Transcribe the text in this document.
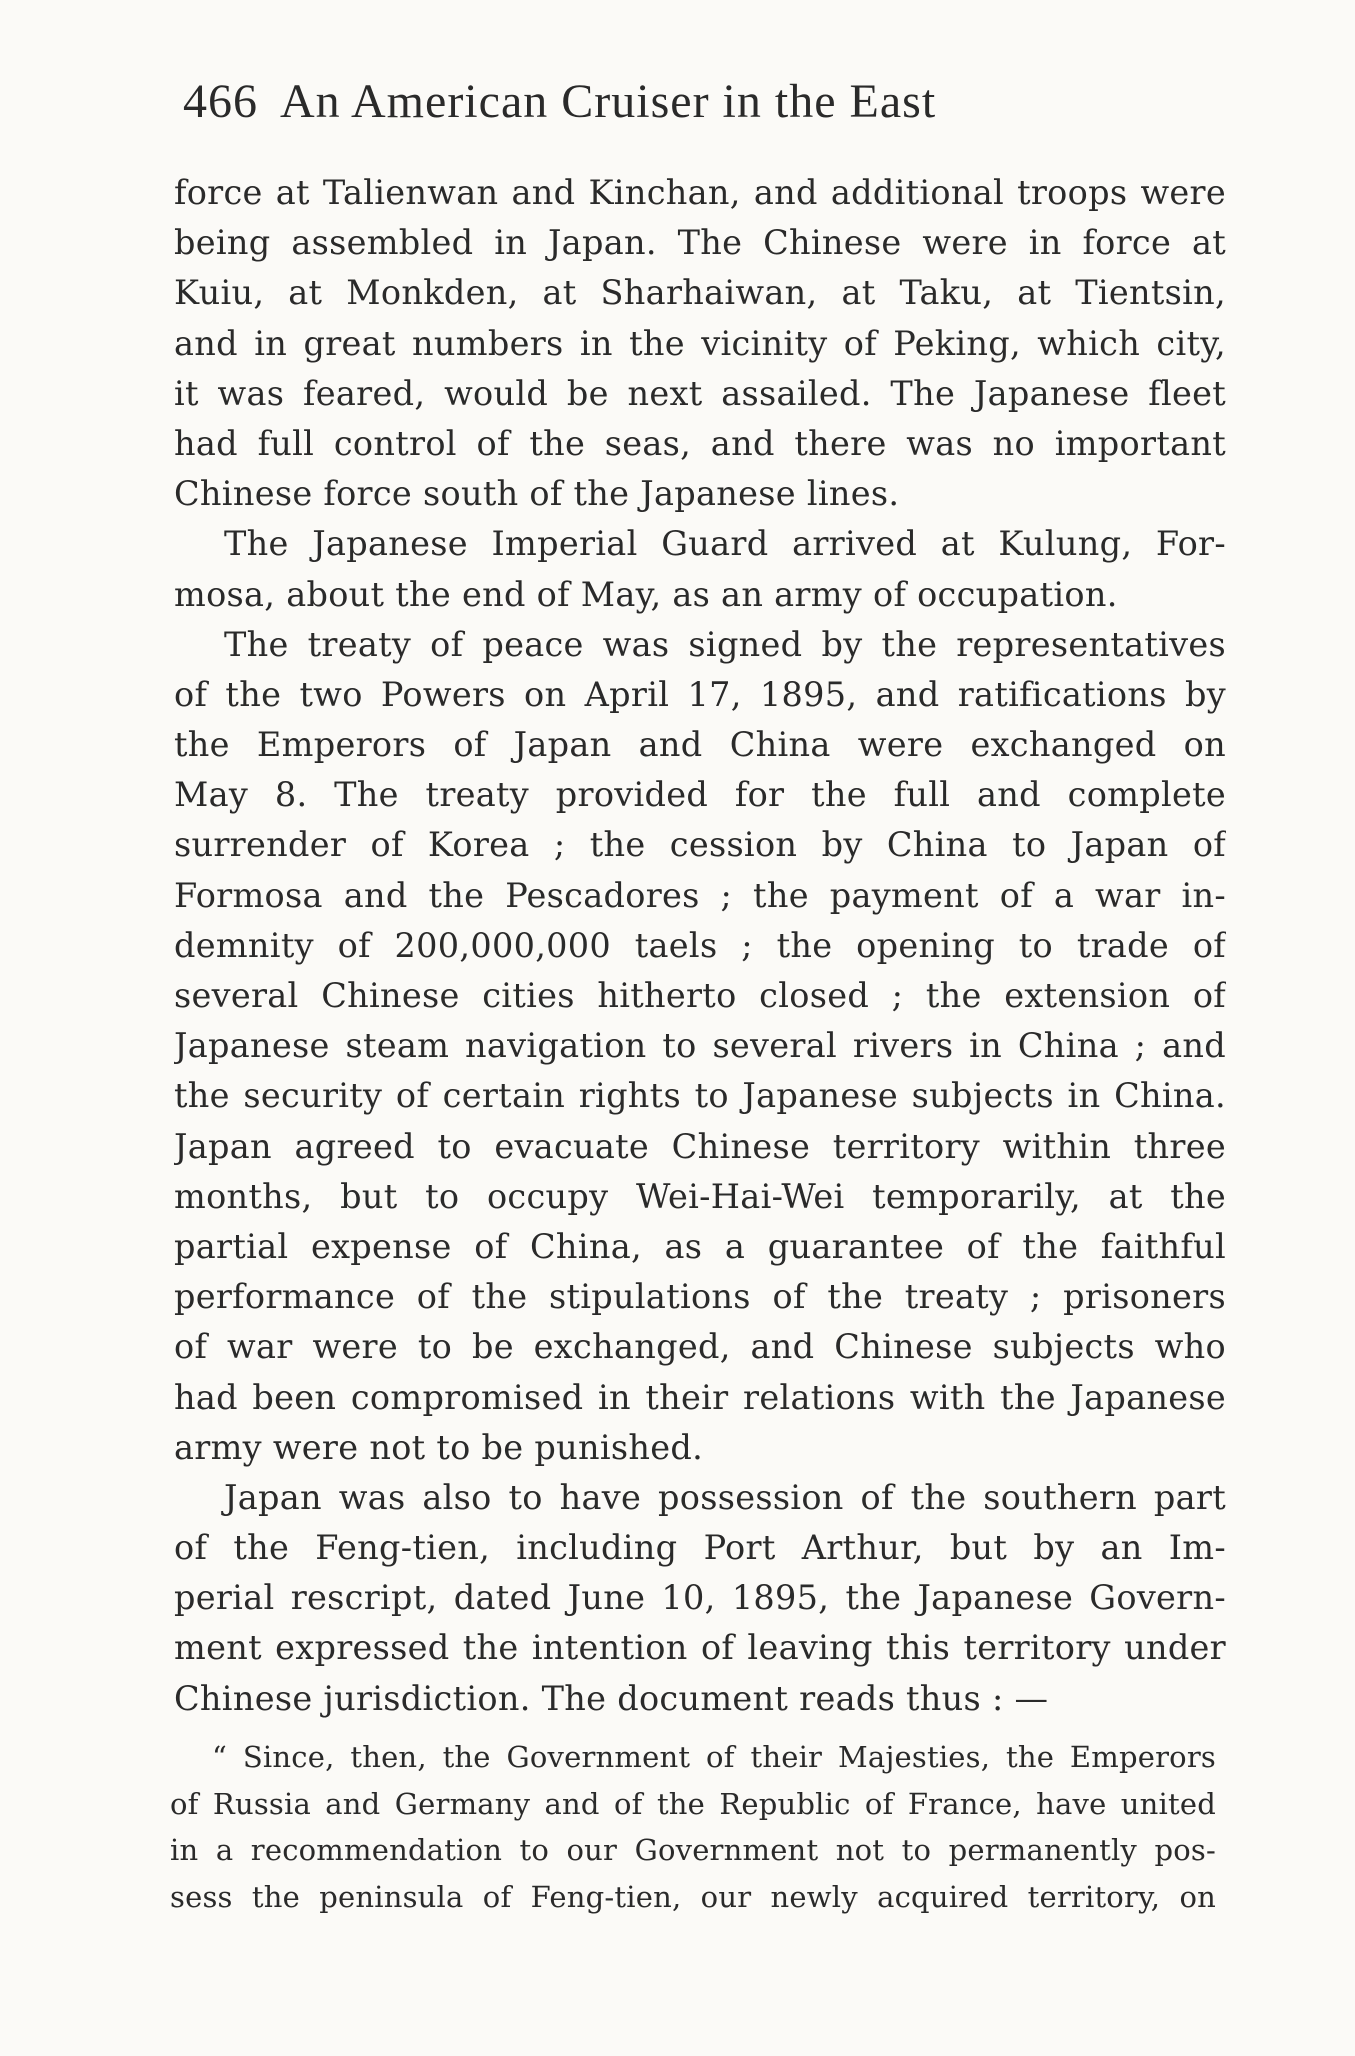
466 An American Cruiser in the East
force at Talienwan and Kinchan, and additional troops were
being assembled in Japan. The Chinese were in force at
Kuiu, at Monkden, at Sharhaiwan, at Taku, at Tientsin,
and in great numbers in the vicinity of Peking, which city,
it was feared, would be next assailed. The Japanese fleet
had full control of the seas, and there was no important
Chinese force south of the Japanese lines.
The Japanese Imperial Guard arrived at Kulung, For-
mosa, about the end of May, as an army of occupation.
The treaty of peace was signed by the representatives
of the two Powers on April 17, 1895, and ratifications by
the Emperors of Japan and China were exchanged on
May 8. The treaty provided for the full and complete
surrender of Korea ; the cession by China to Japan of
Formosa and the Pescadores ; the payment of a war in-
demnity of 200,000,000 taels ; the opening to trade of
several Chinese cities hitherto closed ; the extension of
Japanese steam navigation to several rivers in China ; and
the security of certain rights to Japanese subjects in China.
Japan agreed to evacuate Chinese territory within three
months, but to occupy Wei-Hai-Wei temporarily, at the
partial expense of China, as a guarantee of the faithful
performance of the stipulations of the treaty ; prisoners
of war were to be exchanged, and Chinese subjects who
had been compromised in their relations with the Japanese
army were not to be punished.
Japan was also to have possession of the southern part
of the Feng-tien, including Port Arthur, but by an Im-
perial rescript, dated June 10, 1895, the Japanese Govern-
ment expressed the intention of leaving this territory under
Chinese jurisdiction. The document reads thus : —
“ Since, then, the Government of their Majesties, the Emperors
of Russia and Germany and of the Republic of France, have united
in a recommendation to our Government not to permanently pos-
sess the peninsula of Feng-tien, our newly acquired territory, on
